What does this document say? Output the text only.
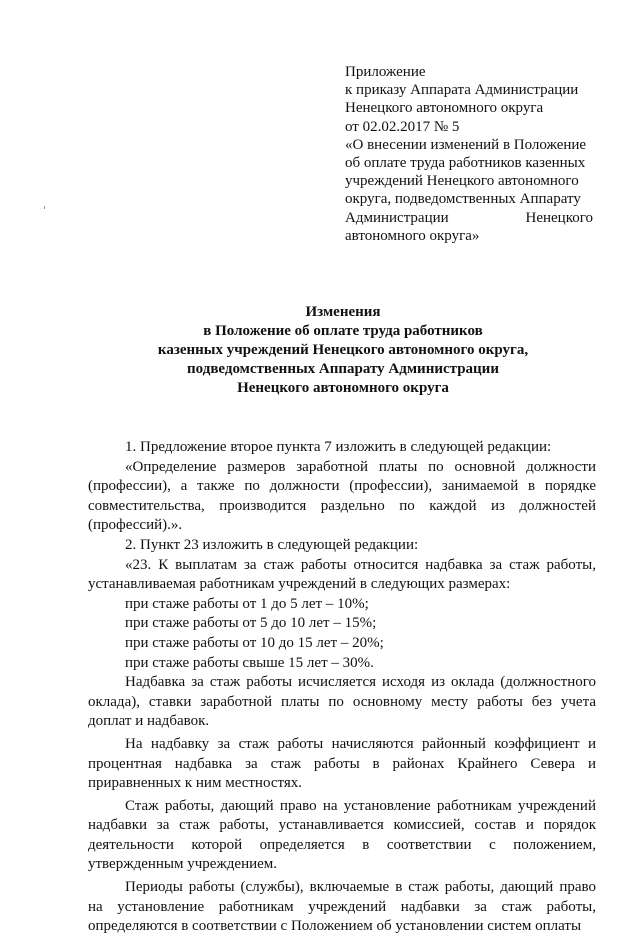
Приложение
к приказу Аппарата Администрации
Ненецкого автономного округа
от 02.02.2017 № 5
«О внесении изменений в Положение
об оплате труда работников казенных
учреждений Ненецкого автономного
округа, подведомственных Аппарату
Администрации Ненецкого
автономного округа»
Изменения
в Положение об оплате труда работников
казенных учреждений Ненецкого автономного округа,
подведомственных Аппарату Администрации
Ненецкого автономного округа

1. Предложение второе пункта 7 изложить в следующей редакции:

«Определение размеров заработной платы по основной должности (профессии), а также по должности (профессии), занимаемой в порядке совместительства, производится раздельно по каждой из должностей (профессий).».

2. Пункт 23 изложить в следующей редакции:

«23. К выплатам за стаж работы относится надбавка за стаж работы, устанавливаемая работникам учреждений в следующих размерах:

при стаже работы от 1 до 5 лет – 10%;

при стаже работы от 5 до 10 лет – 15%;

при стаже работы от 10 до 15 лет – 20%;

при стаже работы свыше 15 лет – 30%.

Надбавка за стаж работы исчисляется исходя из оклада (должностного оклада), ставки заработной платы по основному месту работы без учета доплат и надбавок.

На надбавку за стаж работы начисляются районный коэффициент и процентная надбавка за стаж работы в районах Крайнего Севера и приравненных к ним местностях.

Стаж работы, дающий право на установление работникам учреждений надбавки за стаж работы, устанавливается комиссией, состав и порядок деятельности которой определяется в соответствии с положением, утвержденным учреждением.

Периоды работы (службы), включаемые в стаж работы, дающий право на установление работникам учреждений надбавки за стаж работы, определяются в соответствии с Положением об установлении систем оплаты
